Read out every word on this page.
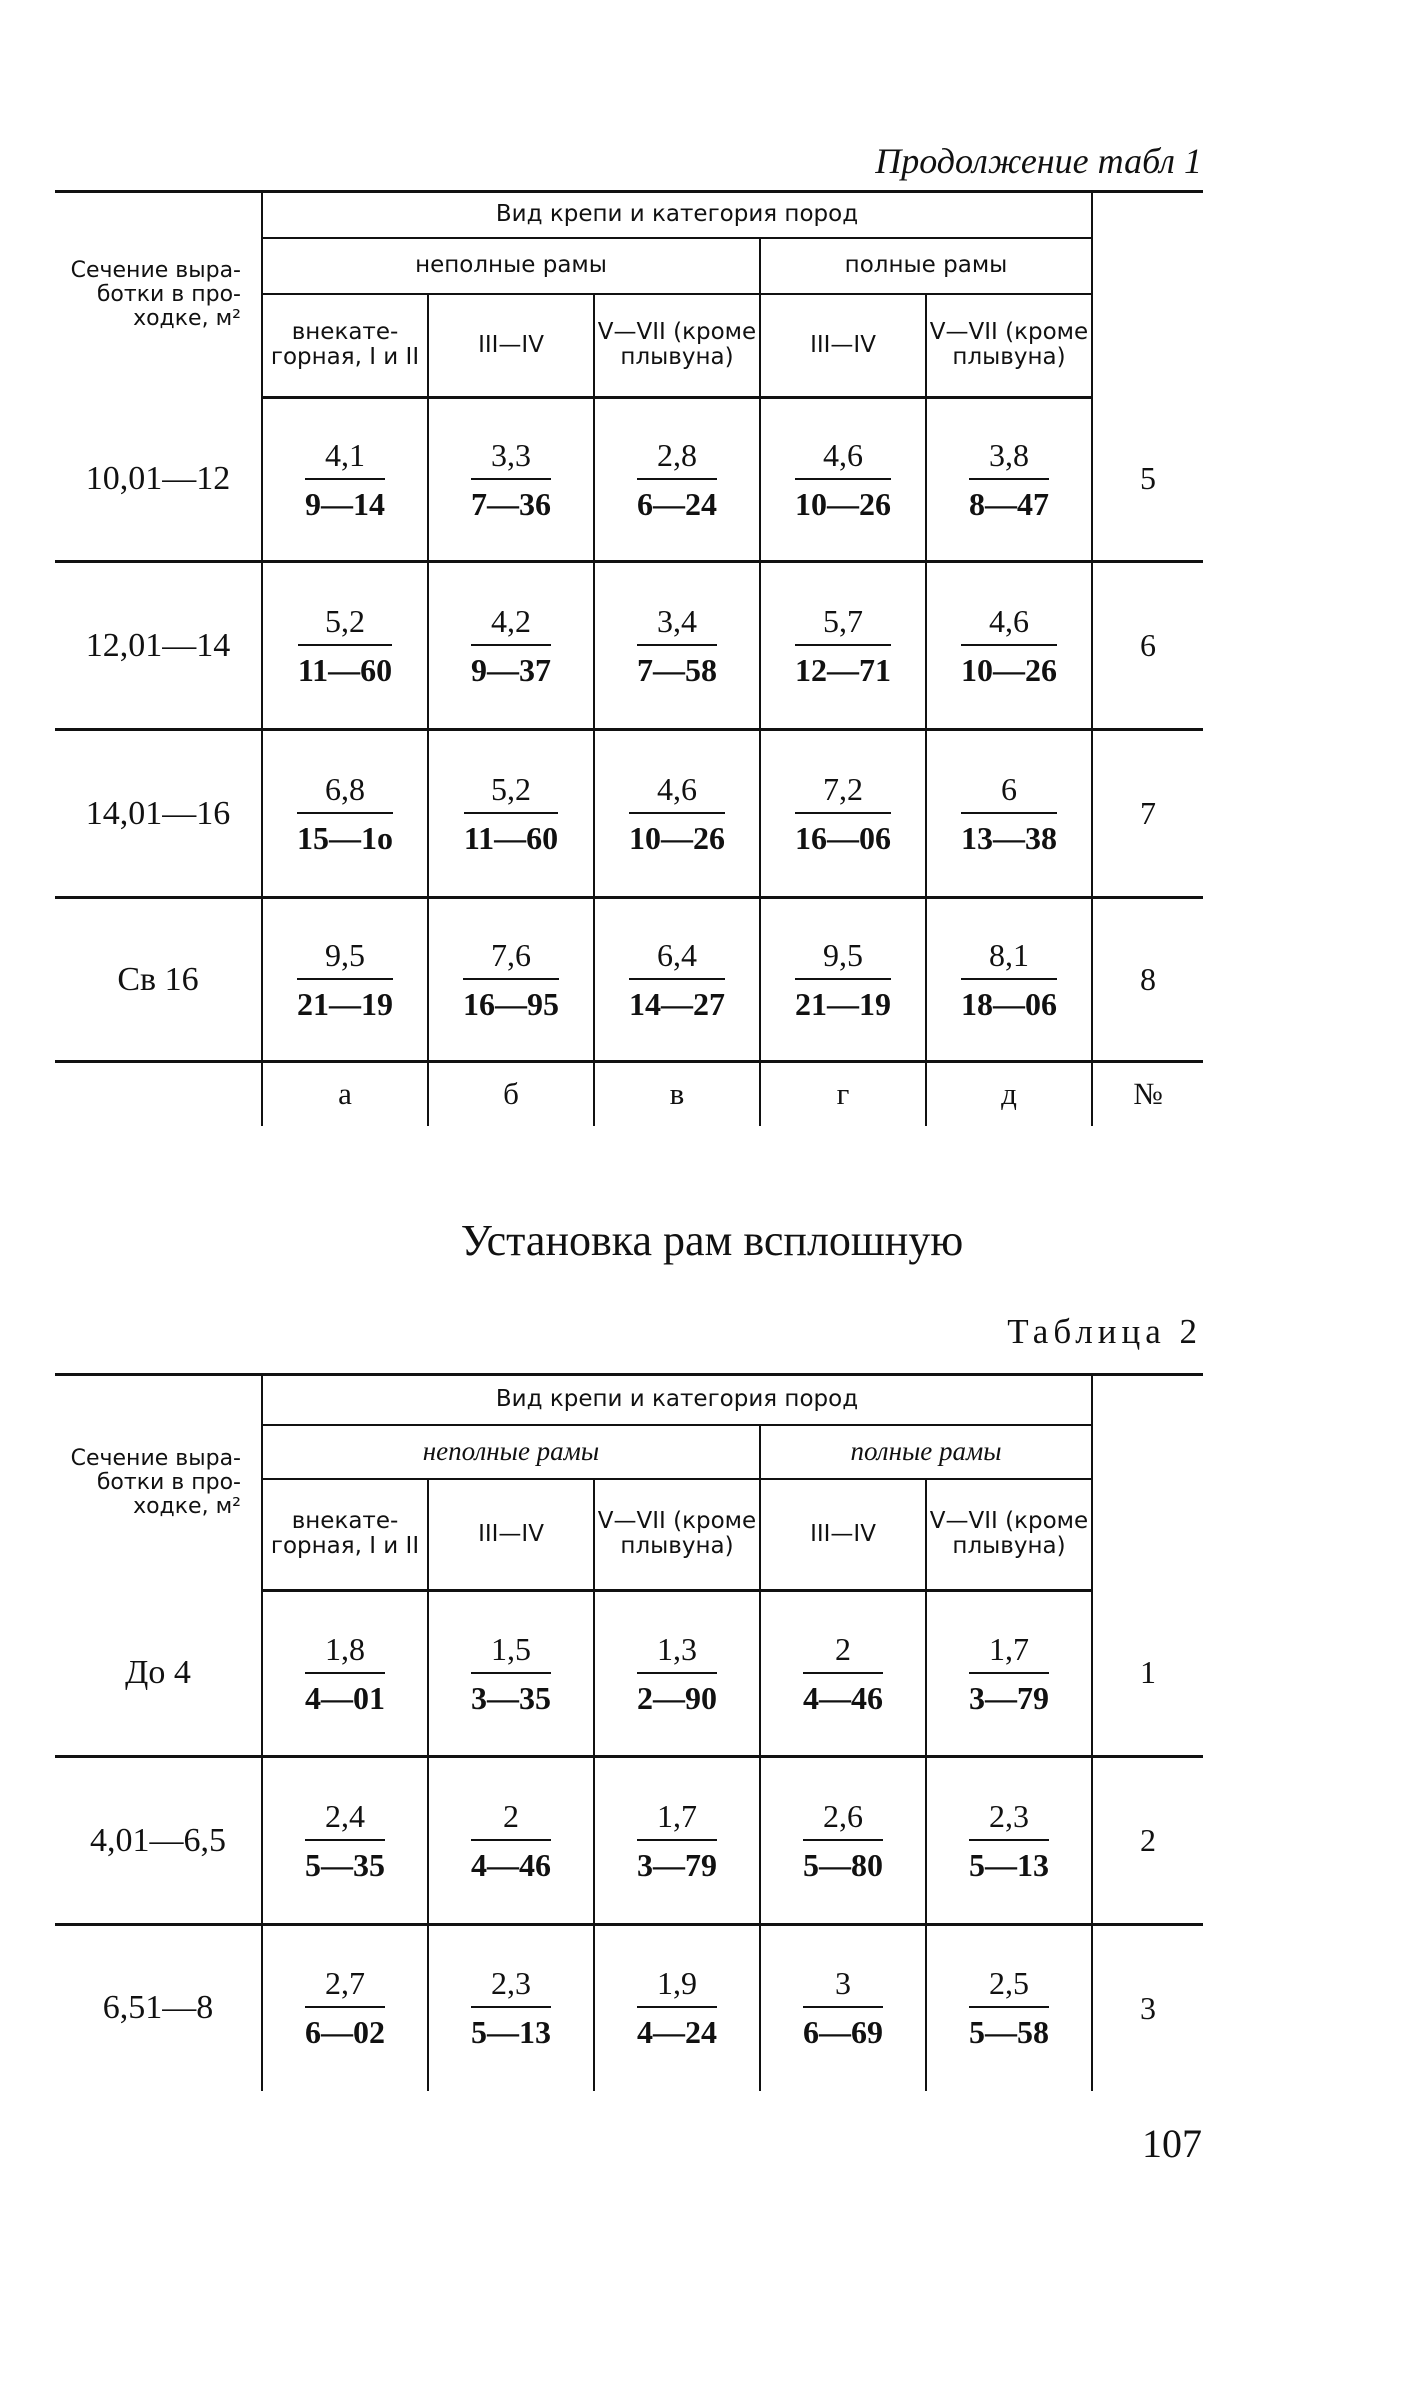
Продолжение табл 1
Сечение выра- ботки в про- ходке, м²	Вид крепи и категория пород					
	неполные рамы			полные рамы		
	внекате- горная, I и II	III—IV	V—VII (кроме плывуна)	III—IV	V—VII (кроме плывуна)	
10,01—12	$\frac{4,1}{9—14}$	$\frac{3,3}{7—36}$	$\frac{2,8}{6—24}$	$\frac{4,6}{10—26}$	$\frac{3,8}{8—47}$	5
12,01—14	$\frac{5,2}{11—60}$	$\frac{4,2}{9—37}$	$\frac{3,4}{7—58}$	$\frac{5,7}{12—71}$	$\frac{4,6}{10—26}$	6
14,01—16	$\frac{6,8}{15—1о}$	$\frac{5,2}{11—60}$	$\frac{4,6}{10—26}$	$\frac{7,2}{16—06}$	$\frac{6}{13—38}$	7
Св 16	$\frac{9,5}{21—19}$	$\frac{7,6}{16—95}$	$\frac{6,4}{14—27}$	$\frac{9,5}{21—19}$	$\frac{8,1}{18—06}$	8
	а	б	в	г	д	№
Установка рам всплошную
Таблица 2
Сечение выра- ботки в про- ходке, м²	Вид крепи и категория пород					
	неполные рамы			полные рамы		
	внекате- горная, I и II	III—IV	V—VII (кроме плывуна)	III—IV	V—VII (кроме плывуна)	
До 4	$\frac{1,8}{4—01}$	$\frac{1,5}{3—35}$	$\frac{1,3}{2—90}$	$\frac{2}{4—46}$	$\frac{1,7}{3—79}$	1
4,01—6,5	$\frac{2,4}{5—35}$	$\frac{2}{4—46}$	$\frac{1,7}{3—79}$	$\frac{2,6}{5—80}$	$\frac{2,3}{5—13}$	2
6,51—8	$\frac{2,7}{6—02}$	$\frac{2,3}{5—13}$	$\frac{1,9}{4—24}$	$\frac{3}{6—69}$	$\frac{2,5}{5—58}$	3
107
